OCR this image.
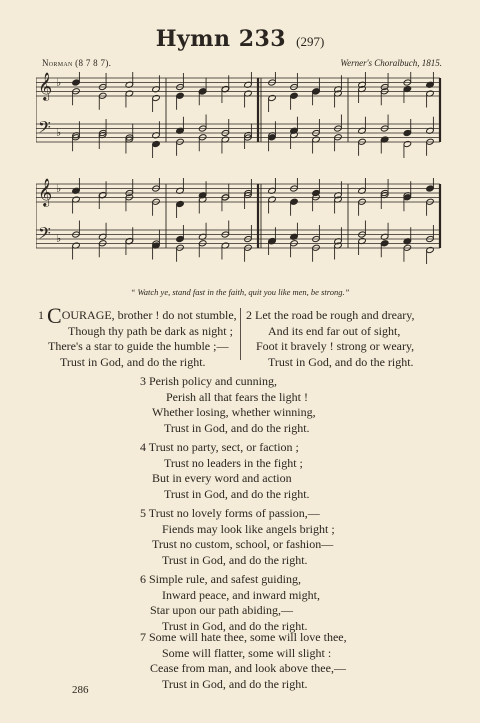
Hymn 233 (297)
Norman (8 7 8 7).	Werner's Choralbuch, 1815.
𝄞 ♭
𝄢 ♭
𝄞 ♭
𝄢 ♭
“ Watch ye, stand fast in the faith, quit you like men, be strong.”
1 COURAGE, brother ! do not stumble,
Though thy path be dark as night ;
There's a star to guide the humble ;—
Trust in God, and do the right.
2 Let the road be rough and dreary,
And its end far out of sight,
Foot it bravely ! strong or weary,
Trust in God, and do the right.
3 Perish policy and cunning,
Perish all that fears the light !
Whether losing, whether winning,
Trust in God, and do the right.
4 Trust no party, sect, or faction ;
Trust no leaders in the fight ;
But in every word and action
Trust in God, and do the right.
5 Trust no lovely forms of passion,—
Fiends may look like angels bright ;
Trust no custom, school, or fashion—
Trust in God, and do the right.
6 Simple rule, and safest guiding,
Inward peace, and inward might,
Star upon our path abiding,—
Trust in God, and do the right.
7 Some will hate thee, some will love thee,
Some will flatter, some will slight :
Cease from man, and look above thee,—
Trust in God, and do the right.
286
